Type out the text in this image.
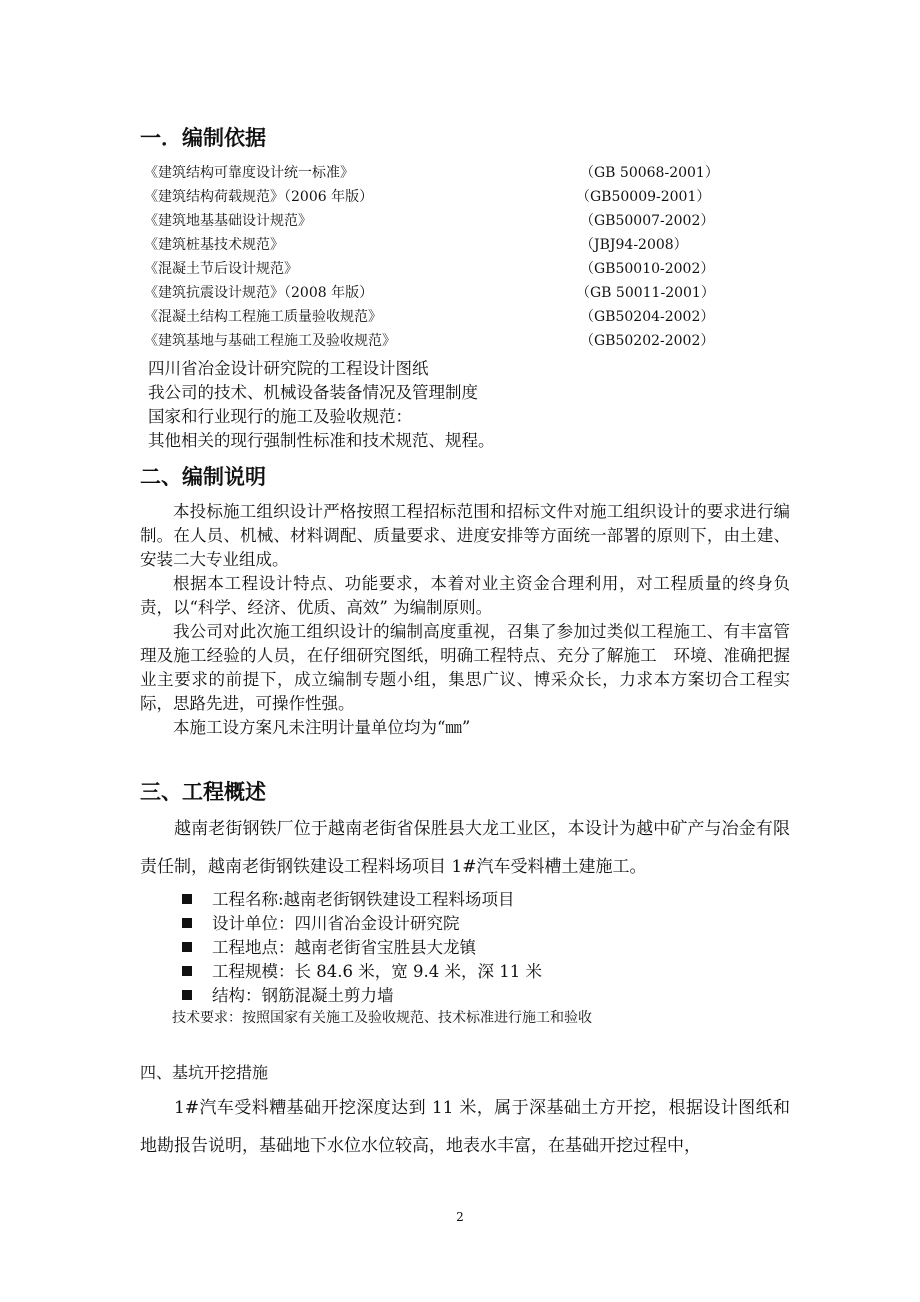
一．编制依据
《建筑结构可靠度设计统一标准》	（GB 50068-2001）
《建筑结构荷载规范》（2006 年版）	（GB50009-2001）
《建筑地基基础设计规范》	（GB50007-2002）
《建筑桩基技术规范》	（JBJ94-2008）
《混凝土节后设计规范》	（GB50010-2002）
《建筑抗震设计规范》（2008 年版）	（GB 50011-2001）
《混凝土结构工程施工质量验收规范》	（GB50204-2002）
《建筑基地与基础工程施工及验收规范》	（GB50202-2002）
四川省冶金设计研究院的工程设计图纸
我公司的技术、机械设备装备情况及管理制度
国家和行业现行的施工及验收规范：
其他相关的现行强制性标准和技术规范、规程。
二、编制说明

本投标施工组织设计严格按照工程招标范围和招标文件对施工组织设计的要求进行编制。在人员、机械、材料调配、质量要求、进度安排等方面统一部署的原则下，由土建、安装二大专业组成。

根据本工程设计特点、功能要求，本着对业主资金合理利用，对工程质量的终身负责，以“科学、经济、优质、高效” 为编制原则。

我公司对此次施工组织设计的编制高度重视，召集了参加过类似工程施工、有丰富管理及施工经验的人员，在仔细研究图纸，明确工程特点、充分了解施工　环境、准确把握业主要求的前提下，成立编制专题小组，集思广议、博采众长，力求本方案切合工程实际，思路先进，可操作性强。

本施工设方案凡未注明计量单位均为“㎜”

三、工程概述

越南老街钢铁厂位于越南老街省保胜县大龙工业区，本设计为越中矿产与冶金有限责任制，越南老街钢铁建设工程料场项目 1#汽车受料槽土建施工。

工程名称:越南老街钢铁建设工程料场项目
设计单位：四川省冶金设计研究院
工程地点：越南老街省宝胜县大龙镇
工程规模：长 84.6 米，宽 9.4 米，深 11 米
结构：钢筋混凝土剪力墙
技术要求：按照国家有关施工及验收规范、技术标准进行施工和验收
四、基坑开挖措施

1#汽车受料糟基础开挖深度达到 11 米，属于深基础土方开挖，根据设计图纸和地勘报告说明，基础地下水位水位较高，地表水丰富，在基础开挖过程中，

2
